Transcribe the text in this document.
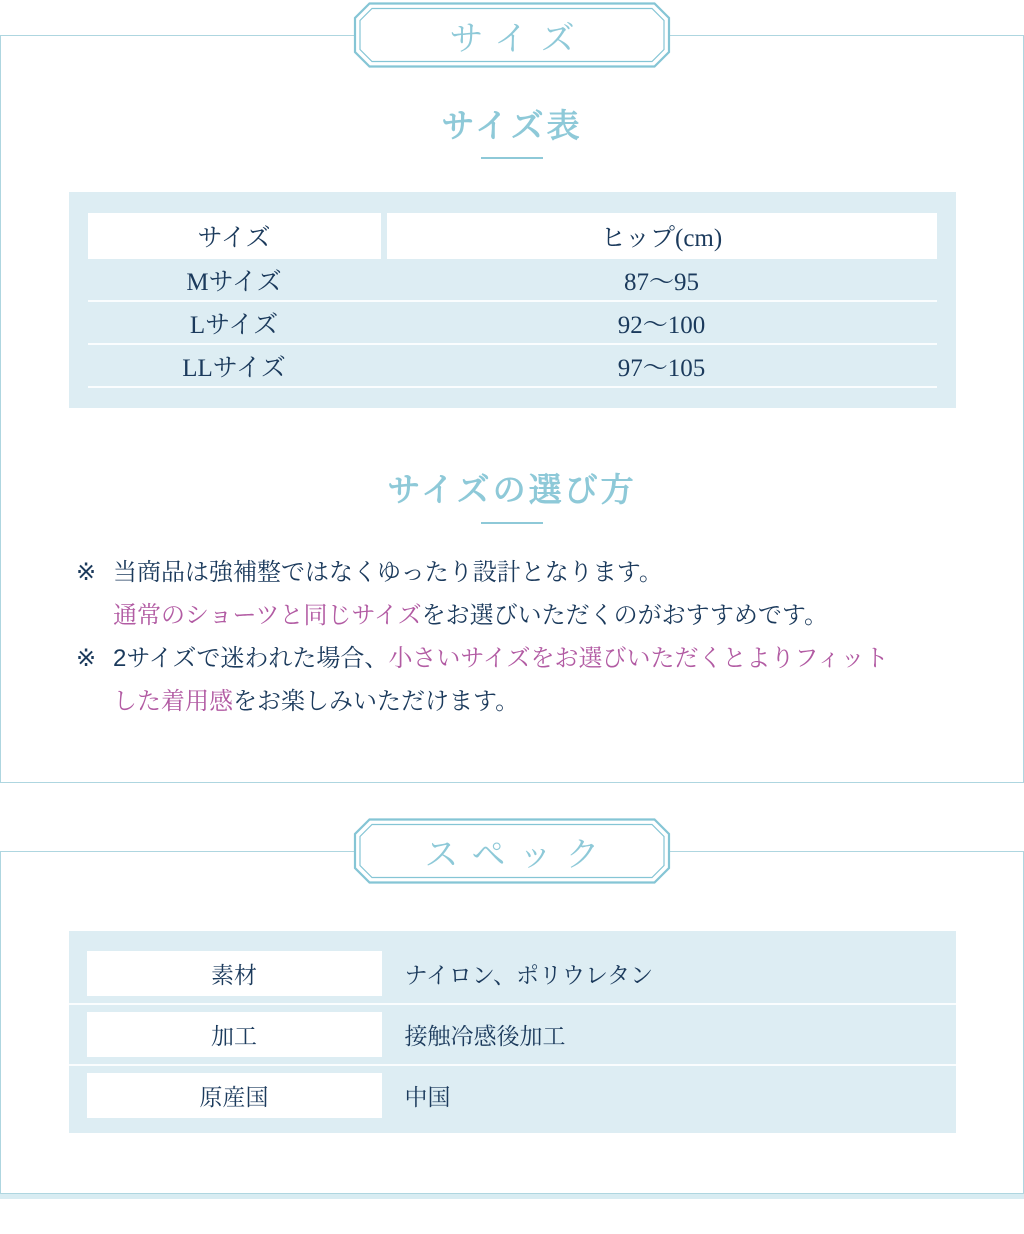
サイズ
サイズ表
サイズ	ヒップ(cm)
Mサイズ	87〜95
Lサイズ	92〜100
LLサイズ	97〜105
サイズの選び方
※ 当商品は強補整ではなくゆったり設計となります。

通常のショーツと同じサイズをお選びいただくのがおすすめです。

※ 2サイズで迷われた場合、小さいサイズをお選びいただくとよりフィット

した着用感をお楽しみいただけます。

スペック
素材	ナイロン、ポリウレタン
加工	接触冷感後加工
原産国	中国
